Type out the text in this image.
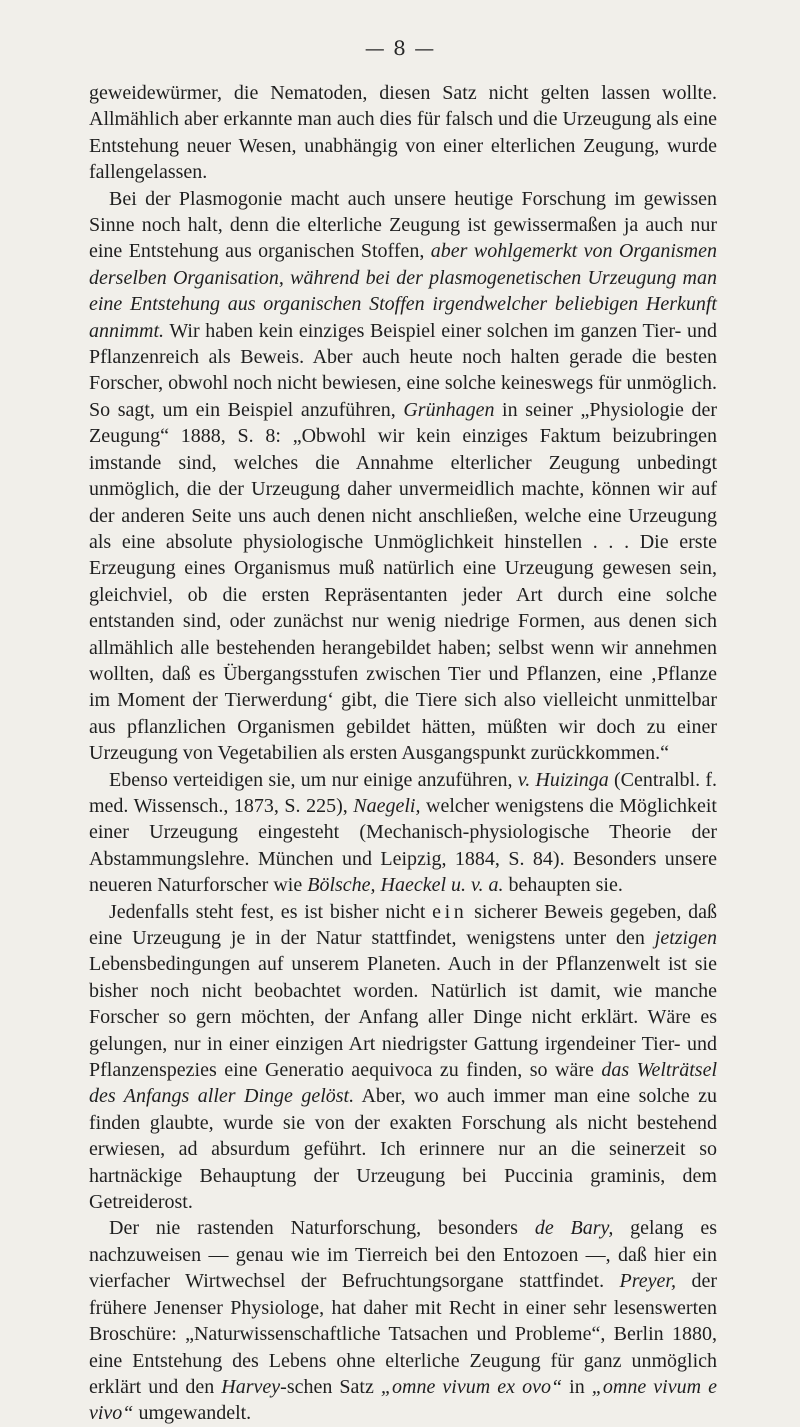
— 8 —

geweidewürmer, die Nematoden, diesen Satz nicht gelten lassen wollte. Allmählich aber erkannte man auch dies für falsch und die Urzeugung als eine Entstehung neuer Wesen, unabhängig von einer elterlichen Zeugung, wurde fallengelassen.

Bei der Plasmogonie macht auch unsere heutige Forschung im gewissen Sinne noch halt, denn die elterliche Zeugung ist gewissermaßen ja auch nur eine Entstehung aus organischen Stoffen, aber wohlgemerkt von Organismen derselben Organisation, während bei der plasmogenetischen Urzeugung man eine Entstehung aus organischen Stoffen irgendwelcher beliebigen Herkunft annimmt. Wir haben kein einziges Beispiel einer solchen im ganzen Tier- und Pflanzenreich als Beweis. Aber auch heute noch halten gerade die besten Forscher, obwohl noch nicht bewiesen, eine solche keineswegs für unmöglich. So sagt, um ein Beispiel anzuführen, Grünhagen in seiner „Physiologie der Zeugung“ 1888, S. 8: „Obwohl wir kein einziges Faktum beizubringen imstande sind, welches die Annahme elterlicher Zeugung unbedingt unmöglich, die der Urzeugung daher unvermeidlich machte, können wir auf der anderen Seite uns auch denen nicht anschließen, welche eine Urzeugung als eine absolute physiologische Unmöglichkeit hinstellen . . . Die erste Erzeugung eines Organismus muß natürlich eine Urzeugung gewesen sein, gleichviel, ob die ersten Repräsentanten jeder Art durch eine solche entstanden sind, oder zunächst nur wenig niedrige Formen, aus denen sich allmählich alle bestehenden herangebildet haben; selbst wenn wir annehmen wollten, daß es Übergangsstufen zwischen Tier und Pflanzen, eine ‚Pflanze im Moment der Tierwerdung‘ gibt, die Tiere sich also vielleicht unmittelbar aus pflanzlichen Organismen gebildet hätten, müßten wir doch zu einer Urzeugung von Vegetabilien als ersten Ausgangspunkt zurückkommen.“

Ebenso verteidigen sie, um nur einige anzuführen, v. Huizinga (Centralbl. f. med. Wissensch., 1873, S. 225), Naegeli, welcher wenigstens die Möglichkeit einer Urzeugung eingesteht (Mechanisch-physiologische Theorie der Abstammungslehre. München und Leipzig, 1884, S. 84). Besonders unsere neueren Naturforscher wie Bölsche, Haeckel u. v. a. behaupten sie.

Jedenfalls steht fest, es ist bisher nicht ein sicherer Beweis gegeben, daß eine Urzeugung je in der Natur stattfindet, wenigstens unter den jetzigen Lebensbedingungen auf unserem Planeten. Auch in der Pflanzenwelt ist sie bisher noch nicht beobachtet worden. Natürlich ist damit, wie manche Forscher so gern möchten, der Anfang aller Dinge nicht erklärt. Wäre es gelungen, nur in einer einzigen Art niedrigster Gattung irgendeiner Tier- und Pflanzenspezies eine Generatio aequivoca zu finden, so wäre das Welträtsel des Anfangs aller Dinge gelöst. Aber, wo auch immer man eine solche zu finden glaubte, wurde sie von der exakten Forschung als nicht bestehend erwiesen, ad absurdum geführt. Ich erinnere nur an die seinerzeit so hartnäckige Behauptung der Urzeugung bei Puccinia graminis, dem Getreiderost.

Der nie rastenden Naturforschung, besonders de Bary, gelang es nachzuweisen — genau wie im Tierreich bei den Entozoen —, daß hier ein vierfacher Wirtwechsel der Befruchtungsorgane stattfindet. Preyer, der frühere Jenenser Physiologe, hat daher mit Recht in einer sehr lesenswerten Broschüre: „Naturwissenschaftliche Tatsachen und Probleme“, Berlin 1880, eine Entstehung des Lebens ohne elterliche Zeugung für ganz unmöglich erklärt und den Harvey-schen Satz „omne vivum ex ovo“ in „omne vivum e vivo“ umgewandelt.
